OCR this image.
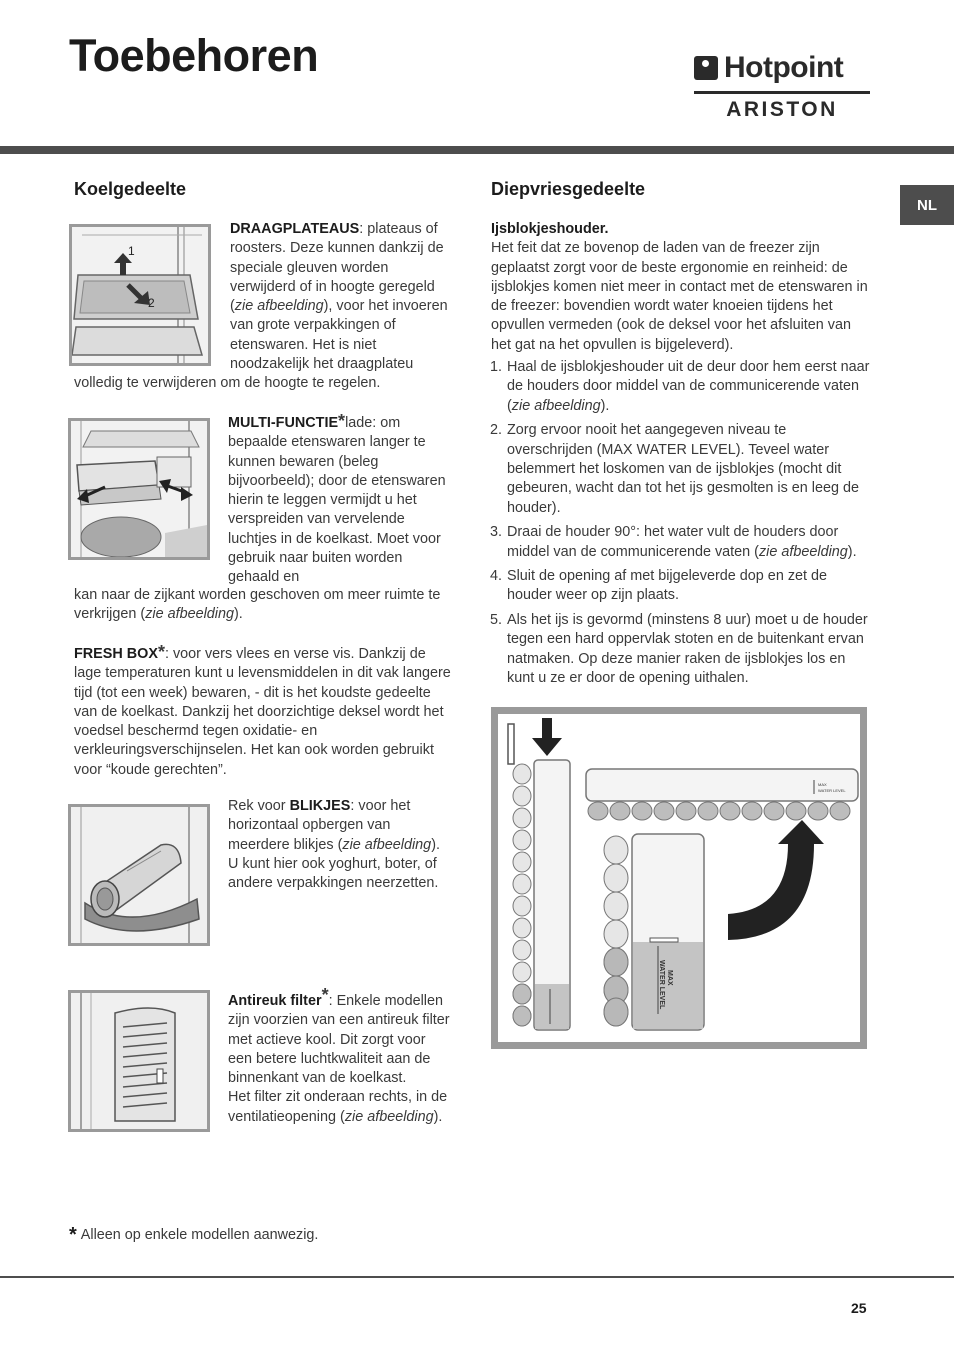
Toebehoren	Hotpoint
ARISTON
NL
Koelgedeelte
1
2

DRAAGPLATEAUS: plateaus of roosters. Deze kunnen dankzij de speciale gleuven worden verwijderd of in hoogte geregeld (zie afbeelding), voor het invoeren van grote verpakkingen of etenswaren. Het is niet noodzakelijk het draagplateu

volledig te verwijderen om de hoogte te regelen.

MULTI-FUNCTIE*lade: om bepaalde etenswaren langer te kunnen bewaren (beleg bijvoorbeeld); door de etenswaren hierin te leggen vermijdt u het verspreiden van vervelende luchtjes in de koelkast. Moet voor gebruik naar buiten worden gehaald en

kan naar de zijkant worden geschoven om meer ruimte te verkrijgen (zie afbeelding).

FRESH BOX*: voor vers vlees en verse vis. Dankzij de lage temperaturen kunt u levensmiddelen in dit vak langere tijd (tot een week) bewaren, - dit is het koudste gedeelte van de koelkast. Dankzij het doorzichtige deksel wordt het voedsel beschermd tegen oxidatie- en verkleuringsverschijnselen. Het kan ook worden gebruikt voor “koude gerechten”.

Rek voor BLIKJES: voor het horizontaal opbergen van meerdere blikjes (zie afbeelding). U kunt hier ook yoghurt, boter, of andere verpakkingen neerzetten.

Antireuk filter*: Enkele modellen zijn voorzien van een antireuk filter met actieve kool. Dit zorgt voor een betere luchtkwaliteit aan de binnenkant van de koelkast.
Het filter zit onderaan rechts, in de ventilatieopening (zie afbeelding).

Diepvriesgedeelte

Ijsblokjeshouder.
Het feit dat ze bovenop de laden van de freezer zijn geplaatst zorgt voor de beste ergonomie en reinheid: de ijsblokjes komen niet meer in contact met de etenswaren in de freezer: bovendien wordt water knoeien tijdens het opvullen vermeden (ook de deksel voor het afsluiten van het gat na het opvullen is bijgeleverd).

1. Haal de ijsblokjeshouder uit de deur door hem eerst naar de houders door middel van de communicerende vaten (zie afbeelding).
2. Zorg ervoor nooit het aangegeven niveau te overschrijden (MAX WATER LEVEL). Teveel water belemmert het loskomen van de ijsblokjes (mocht dit gebeuren, wacht dan tot het ijs gesmolten is en leeg de houder).
3. Draai de houder 90°: het water vult de houders door middel van de communicerende vaten (zie afbeelding).
4. Sluit de opening af met bijgeleverde dop en zet de houder weer op zijn plaats.
5. Als het ijs is gevormd (minstens 8 uur) moet u de houder tegen een hard oppervlak stoten en de buitenkant ervan natmaken. Op deze manier raken de ijsblokjes los en kunt u ze er door de opening uithalen.
MAX
WATER LEVEL
MAX
WATER LEVEL
* Alleen op enkele modellen aanwezig.
25
